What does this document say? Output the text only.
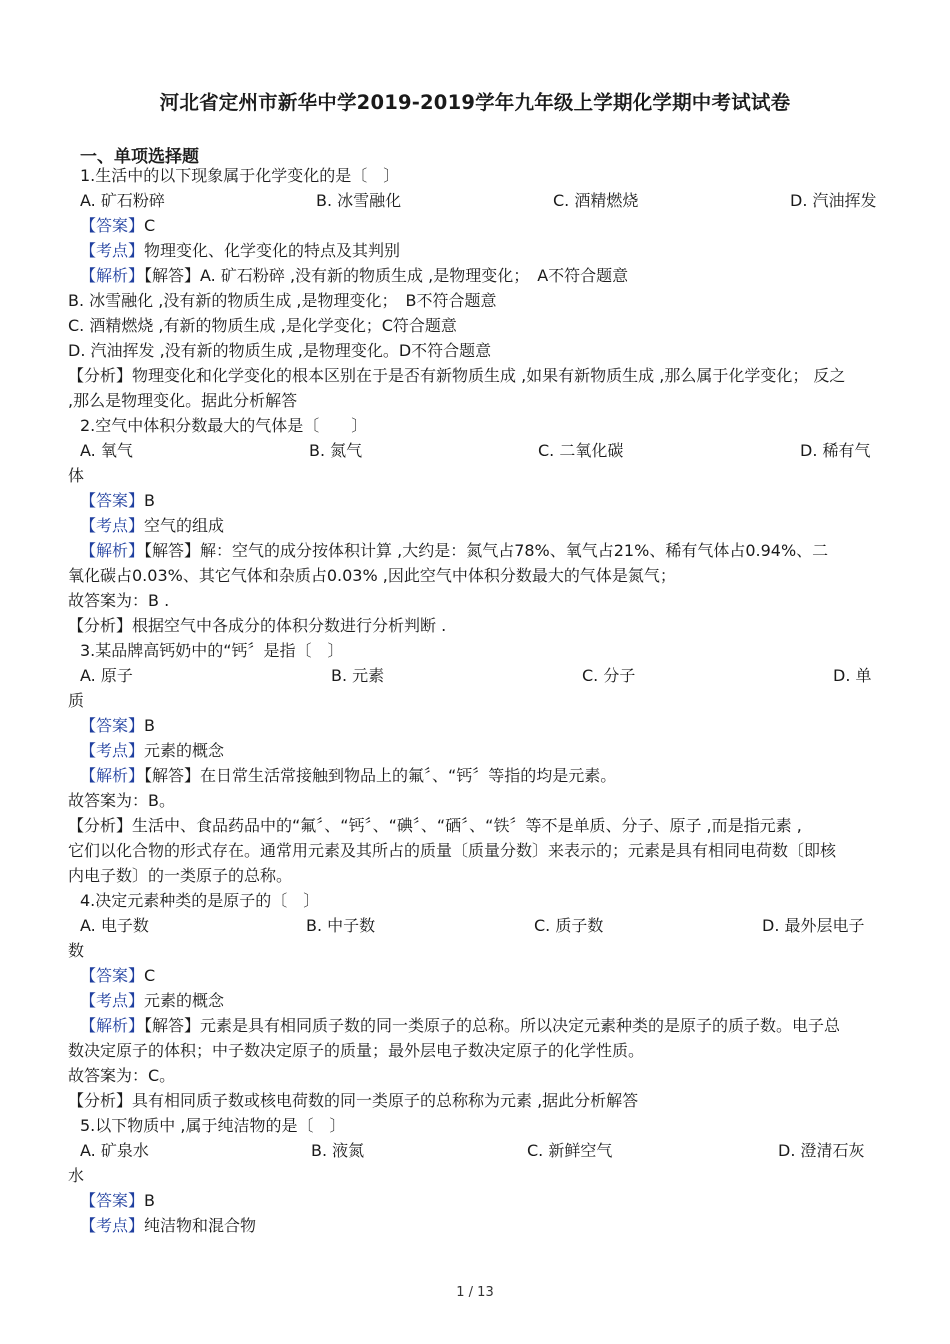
河北省定州市新华中学2019-2019学年九年级上学期化学期中考试试卷
一、单项选择题
1.生活中的以下现象属于化学变化的是〔　〕
A. 矿石粉碎	B. 冰雪融化	C. 酒精燃烧	D. 汽油挥发
【答案】C
【考点】物理变化、化学变化的特点及其判别
【解析】【解答】A. 矿石粉碎 ,没有新的物质生成 ,是物理变化；　A不符合题意
B. 冰雪融化 ,没有新的物质生成 ,是物理变化；　B不符合题意
C. 酒精燃烧 ,有新的物质生成 ,是化学变化；C符合题意
D. 汽油挥发 ,没有新的物质生成 ,是物理变化。D不符合题意
【分析】物理变化和化学变化的根本区别在于是否有新物质生成 ,如果有新物质生成 ,那么属于化学变化； 反之
,那么是物理变化。据此分析解答
2.空气中体积分数最大的气体是〔　　〕
A. 氧气	B. 氮气	C. 二氧化碳	D. 稀有气
体
【答案】B
【考点】空气的组成
【解析】【解答】解：空气的成分按体积计算 ,大约是：氮气占78%、氧气占21%、稀有气体占0.94%、二
氧化碳占0.03%、其它气体和杂质占0.03% ,因此空气中体积分数最大的气体是氮气；
故答案为：B .
【分析】根据空气中各成分的体积分数进行分析判断 .
3.某品牌高钙奶中的“钙〞是指〔　〕
A. 原子	B. 元素	C. 分子	D. 单
质
【答案】B
【考点】元素的概念
【解析】【解答】在日常生活常接触到物品上的氟〞、“钙〞等指的均是元素。
故答案为：B。
【分析】生活中、食品药品中的“氟〞、“钙〞、“碘〞、“硒〞、“铁〞等不是单质、分子、原子 ,而是指元素 ,
它们以化合物的形式存在。通常用元素及其所占的质量〔质量分数〕来表示的；元素是具有相同电荷数〔即核
内电子数〕的一类原子的总称。
4.决定元素种类的是原子的〔　〕
A. 电子数	B. 中子数	C. 质子数	D. 最外层电子
数
【答案】C
【考点】元素的概念
【解析】【解答】元素是具有相同质子数的同一类原子的总称。所以决定元素种类的是原子的质子数。电子总
数决定原子的体积；中子数决定原子的质量；最外层电子数决定原子的化学性质。
故答案为：C。
【分析】具有相同质子数或核电荷数的同一类原子的总称称为元素 ,据此分析解答
5.以下物质中 ,属于纯洁物的是〔　〕
A. 矿泉水	B. 液氮	C. 新鲜空气	D. 澄清石灰
水
【答案】B
【考点】纯洁物和混合物
1 / 13
